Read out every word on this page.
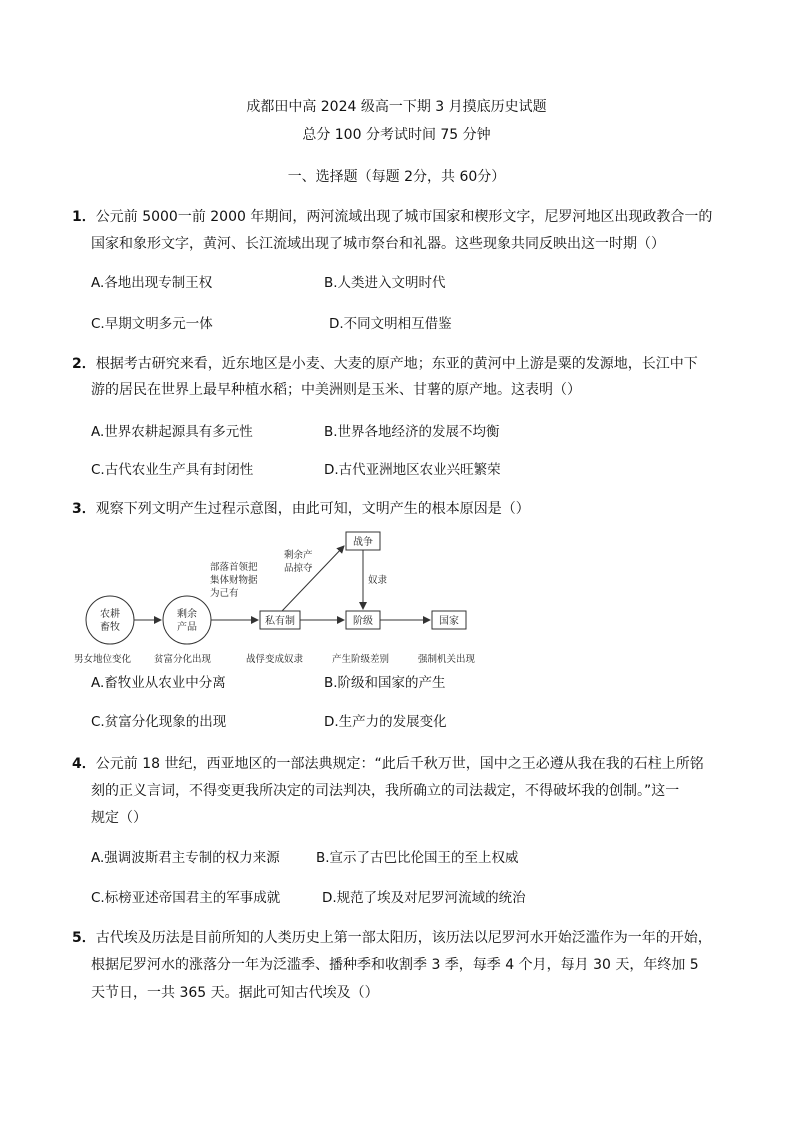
成都田中高 2024 级高一下期 3 月摸底历史试题
总分 100 分考试时间 75 分钟
一、选择题（每题 2分，共 60分）
1．公元前 5000一前 2000 年期间，两河流域出现了城市国家和楔形文字，尼罗河地区出现政教合一的
国家和象形文字，黄河、长江流域出现了城市祭台和礼器。这些现象共同反映出这一时期（）
A.各地出现专制王权	B.人类进入文明时代
C.早期文明多元一体	D.不同文明相互借鉴
2．根据考古研究来看，近东地区是小麦、大麦的原产地；东亚的黄河中上游是粟的发源地，长江中下
游的居民在世界上最早种植水稻；中美洲则是玉米、甘薯的原产地。这表明（）
A.世界农耕起源具有多元性	B.世界各地经济的发展不均衡
C.古代农业生产具有封闭性	D.古代亚洲地区农业兴旺繁荣
3．观察下列文明产生过程示意图，由此可知，文明产生的根本原因是（）
农耕
畜牧
剩余
产品
私有制
战争
阶级	国家
部落首领把
集体财物据
为己有
剩余产
品掠夺
奴隶
男女地位变化 贫富分化出现	战俘变成奴隶	产生阶级差别	强制机关出现
A.畜牧业从农业中分离	B.阶级和国家的产生
C.贫富分化现象的出现	D.生产力的发展变化
4．公元前 18 世纪，西亚地区的一部法典规定：“此后千秋万世，国中之王必遵从我在我的石柱上所铭
刻的正义言词，不得变更我所决定的司法判决，我所确立的司法裁定，不得破坏我的创制。”这一
规定（）
A.强调波斯君主专制的权力来源	B.宣示了古巴比伦国王的至上权威
C.标榜亚述帝国君主的军事成就	D.规范了埃及对尼罗河流域的统治
5．古代埃及历法是目前所知的人类历史上第一部太阳历，该历法以尼罗河水开始泛滥作为一年的开始，
根据尼罗河水的涨落分一年为泛滥季、播种季和收割季 3 季，每季 4 个月，每月 30 天，年终加 5
天节日，一共 365 天。据此可知古代埃及（）
